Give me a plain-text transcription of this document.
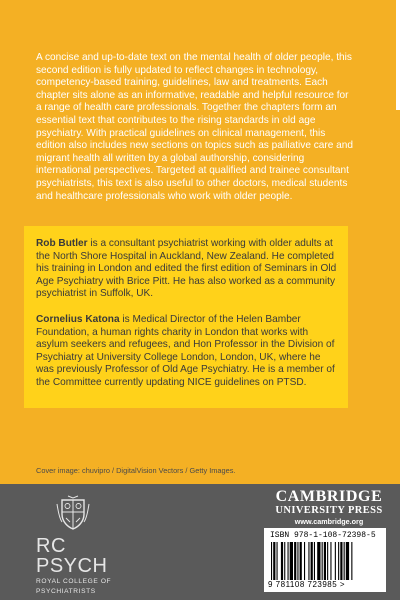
A concise and up-to-date text on the mental health of older people, this second edition is fully updated to reflect changes in technology, competency-based training, guidelines, law and treatments. Each chapter sits alone as an informative, readable and helpful resource for a range of health care professionals. Together the chapters form an essential text that contributes to the rising standards in old age psychiatry. With practical guidelines on clinical management, this edition also includes new sections on topics such as palliative care and migrant health all written by a global authorship, considering international perspectives. Targeted at qualified and trainee consultant psychiatrists, this text is also useful to other doctors, medical students and healthcare professionals who work with older people.

Rob Butler is a consultant psychiatrist working with older adults at the North Shore Hospital in Auckland, New Zealand. He completed his training in London and edited the first edition of Seminars in Old Age Psychiatry with Brice Pitt. He has also worked as a community psychiatrist in Suffolk, UK.

Cornelius Katona is Medical Director of the Helen Bamber Foundation, a human rights charity in London that works with asylum seekers and refugees, and Hon Professor in the Division of Psychiatry at University College London, London, UK, where he was previously Professor of Old Age Psychiatry. He is a member of the Committee currently updating NICE guidelines on PTSD.

Cover image: chuvipro / DigitalVision Vectors / Getty Images.
RC
PSYCH
ROYAL COLLEGE OF
PSYCHIATRISTS
CAMBRIDGE
UNIVERSITY PRESS
www.cambridge.org
ISBN 978-1-108-72398-5
9 781108 723985 >
